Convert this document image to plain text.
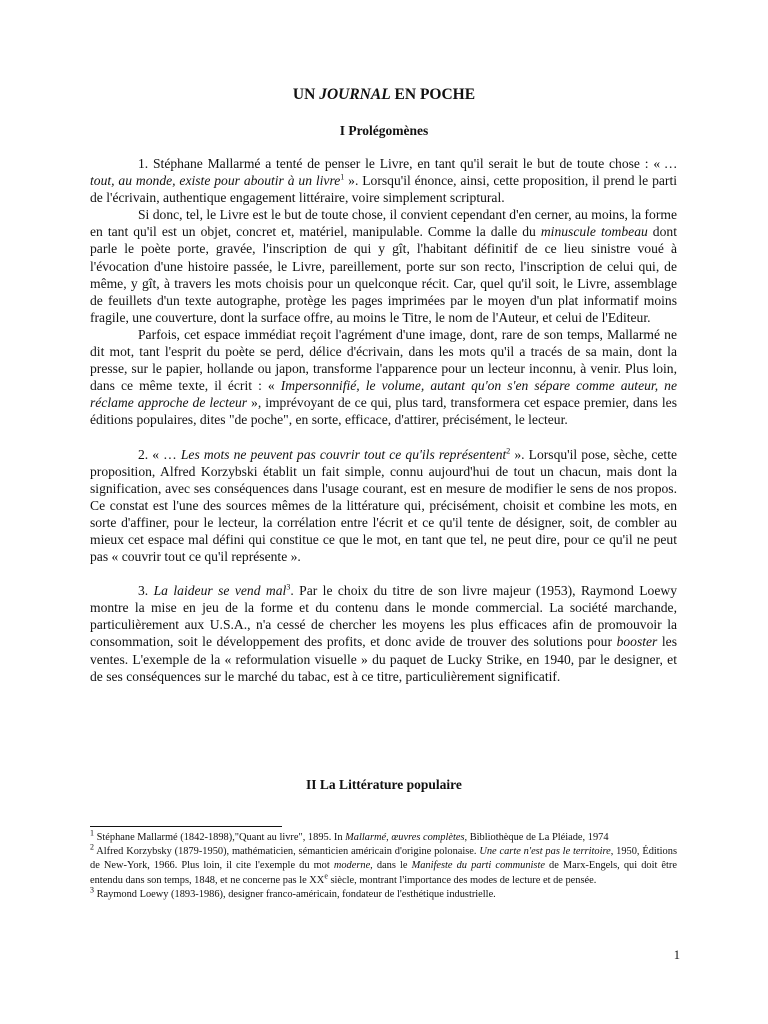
UN JOURNAL EN POCHE
I Prolégomènes

1. Stéphane Mallarmé a tenté de penser le Livre, en tant qu'il serait le but de toute chose : « … tout, au monde, existe pour aboutir à un livre$^1$ ». Lorsqu'il énonce, ainsi, cette proposition, il prend le parti de l'écrivain, authentique engagement littéraire, voire simplement scriptural.

Si donc, tel, le Livre est le but de toute chose, il convient cependant d'en cerner, au moins, la forme en tant qu'il est un objet, concret et, matériel, manipulable. Comme la dalle du minuscule tombeau dont parle le poète porte, gravée, l'inscription de qui y gît, l'habitant définitif de ce lieu sinistre voué à l'évocation d'une histoire passée, le Livre, pareillement, porte sur son recto, l'inscription de celui qui, de même, y gît, à travers les mots choisis pour un quelconque récit. Car, quel qu'il soit, le Livre, assemblage de feuillets d'un texte autographe, protège les pages imprimées par le moyen d'un plat informatif moins fragile, une couverture, dont la surface offre, au moins le Titre, le nom de l'Auteur, et celui de l'Editeur.

Parfois, cet espace immédiat reçoit l'agrément d'une image, dont, rare de son temps, Mallarmé ne dit mot, tant l'esprit du poète se perd, délice d'écrivain, dans les mots qu'il a tracés de sa main, dont la presse, sur le papier, hollande ou japon, transforme l'apparence pour un lecteur inconnu, à venir. Plus loin, dans ce même texte, il écrit : « Impersonnifié, le volume, autant qu'on s'en sépare comme auteur, ne réclame approche de lecteur », imprévoyant de ce qui, plus tard, transformera cet espace premier, dans les éditions populaires, dites "de poche", en sorte, efficace, d'attirer, précisément, le lecteur.

2. « … Les mots ne peuvent pas couvrir tout ce qu'ils représentent$^2$ ». Lorsqu'il pose, sèche, cette proposition, Alfred Korzybski établit un fait simple, connu aujourd'hui de tout un chacun, mais dont la signification, avec ses conséquences dans l'usage courant, est en mesure de modifier le sens de nos propos. Ce constat est l'une des sources mêmes de la littérature qui, précisément, choisit et combine les mots, en sorte d'affiner, pour le lecteur, la corrélation entre l'écrit et ce qu'il tente de désigner, soit, de combler au mieux cet espace mal défini qui constitue ce que le mot, en tant que tel, ne peut dire, pour ce qu'il ne peut pas « couvrir tout ce qu'il représente ».

3. La laideur se vend mal$^3$. Par le choix du titre de son livre majeur (1953), Raymond Loewy montre la mise en jeu de la forme et du contenu dans le monde commercial. La société marchande, particulièrement aux U.S.A., n'a cessé de chercher les moyens les plus efficaces afin de promouvoir la consommation, soit le développement des profits, et donc avide de trouver des solutions pour booster les ventes. L'exemple de la « reformulation visuelle » du paquet de Lucky Strike, en 1940, par le designer, et de ses conséquences sur le marché du tabac, est à ce titre, particulièrement significatif.

II La Littérature populaire

$^1$ Stéphane Mallarmé (1842-1898),"Quant au livre", 1895. In Mallarmé, œuvres complètes, Bibliothèque de La Pléiade, 1974

$^2$ Alfred Korzybsky (1879-1950), mathématicien, sémanticien américain d'origine polonaise. Une carte n'est pas le territoire, 1950, Éditions de New-York, 1966. Plus loin, il cite l'exemple du mot moderne, dans le Manifeste du parti communiste de Marx-Engels, qui doit être entendu dans son temps, 1848, et ne concerne pas le XXe siècle, montrant l'importance des modes de lecture et de pensée.

$^3$ Raymond Loewy (1893-1986), designer franco-américain, fondateur de l'esthétique industrielle.

1
